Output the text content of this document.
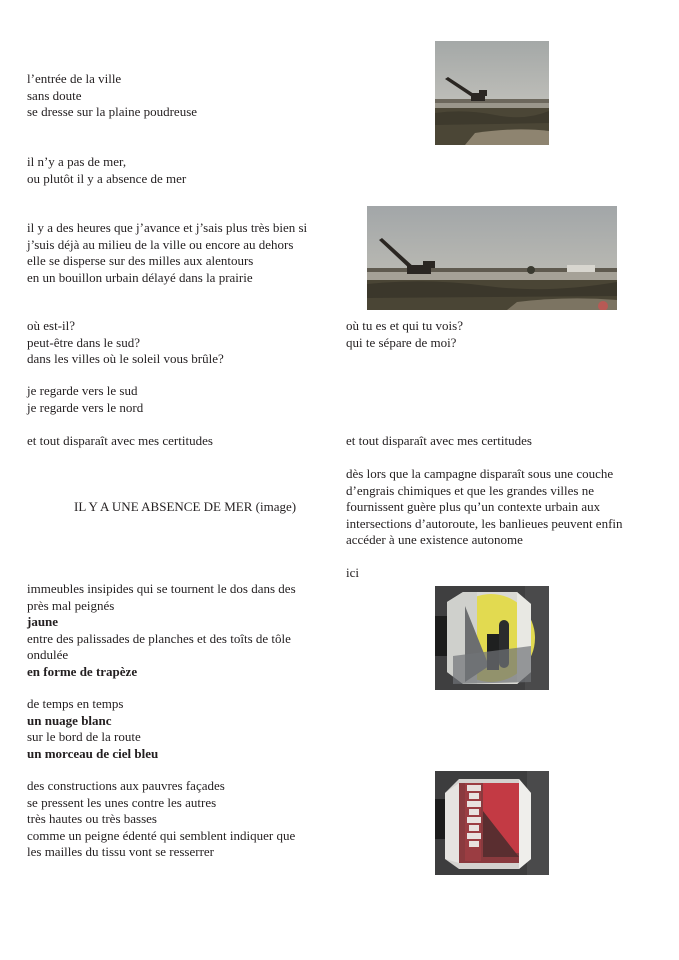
l’entrée de la ville
sans doute
se dresse sur la plaine poudreuse

il n’y a pas de mer,
ou plutôt il y a absence de mer

il y a des heures que j’avance et j’sais plus très bien si
j’suis déjà au milieu de la ville ou encore au dehors
elle se disperse sur des milles aux alentours
en un bouillon urbain délayé dans la prairie

où est-il?
peut-être dans le sud?
dans les villes où le soleil vous brûle?

je regarde vers le sud
je regarde vers le nord

et tout disparaît avec mes certitudes

IL Y A UNE ABSENCE DE MER (image)

immeubles insipides qui se tournent le dos dans des
près mal peignés
jaune
entre des palissades de planches et des toîts de tôle
ondulée
en forme de trapèze

de temps en temps
un nuage blanc
sur le bord de la route
un morceau de ciel bleu

des constructions aux pauvres façades
se pressent les unes contre les autres
très hautes ou très basses
comme un peigne édenté qui semblent indiquer que
les mailles du tissu vont se resserrer

où tu es et qui tu vois?
qui te sépare de moi?

et tout disparaît avec mes certitudes

dès lors que la campagne disparaît sous une couche
d’engrais chimiques et que les grandes villes ne
fournissent guère plus qu’un contexte urbain aux
intersections d’autoroute, les banlieues peuvent enfin
accéder à une existence autonome

ici
